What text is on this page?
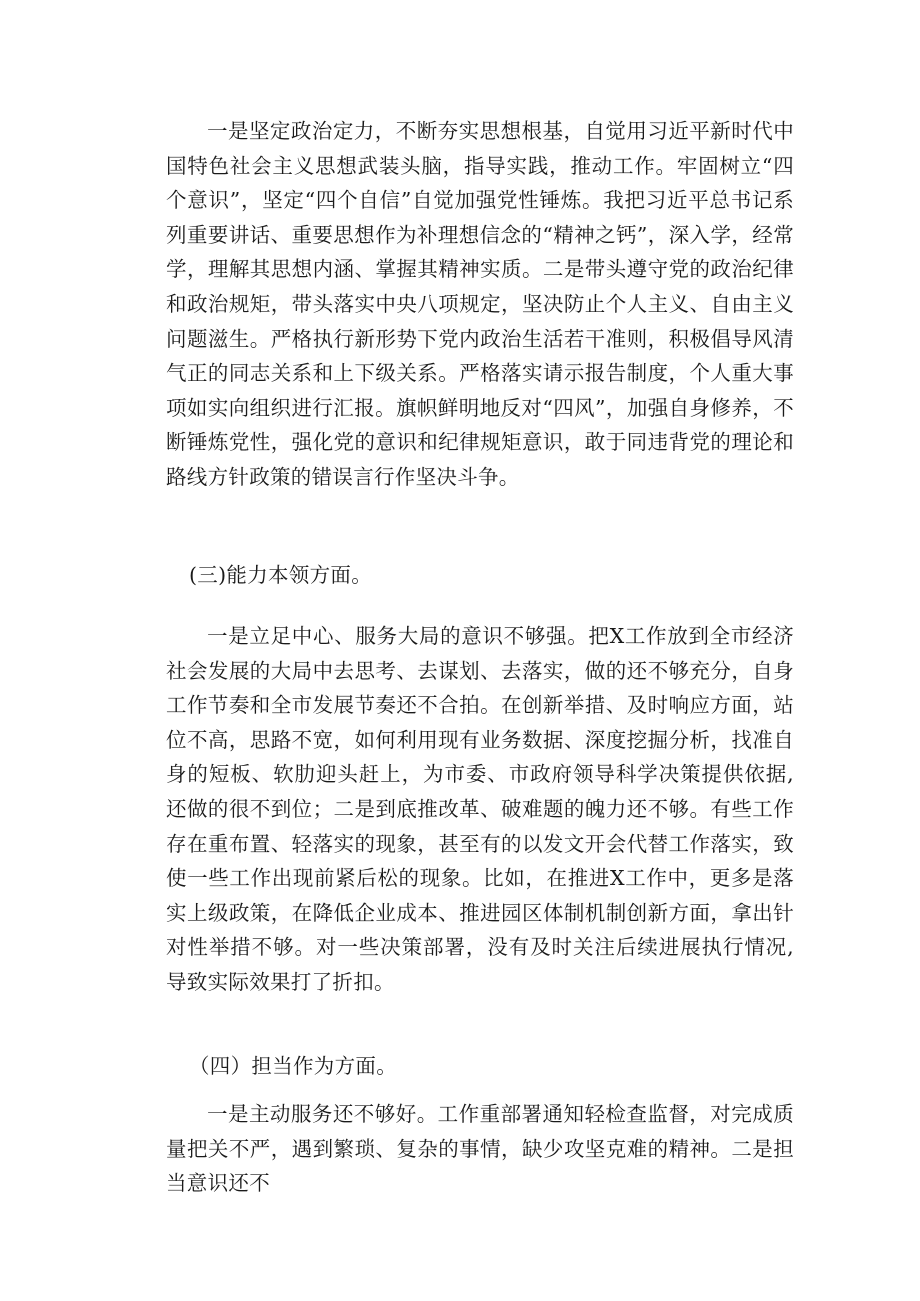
一是坚定政治定力，不断夯实思想根基，自觉用习近平新时代中国特色社会主义思想武装头脑，指导实践，推动工作。牢固树立“四个意识”，坚定“四个自信”自觉加强党性锤炼。我把习近平总书记系列重要讲话、重要思想作为补理想信念的“精神之钙”，深入学，经常学，理解其思想内涵、掌握其精神实质。二是带头遵守党的政治纪律和政治规矩，带头落实中央八项规定，坚决防止个人主义、自由主义问题滋生。严格执行新形势下党内政治生活若干准则，积极倡导风清气正的同志关系和上下级关系。严格落实请示报告制度，个人重大事项如实向组织进行汇报。旗帜鲜明地反对“四风”，加强自身修养，不断锤炼党性，强化党的意识和纪律规矩意识，敢于同违背党的理论和路线方针政策的错误言行作坚决斗争。

(三)能力本领方面。

一是立足中心、服务大局的意识不够强。把X工作放到全市经济社会发展的大局中去思考、去谋划、去落实，做的还不够充分，自身工作节奏和全市发展节奏还不合拍。在创新举措、及时响应方面，站位不高，思路不宽，如何利用现有业务数据、深度挖掘分析，找准自身的短板、软肋迎头赶上，为市委、市政府领导科学决策提供依据,还做的很不到位；二是到底推改革、破难题的魄力还不够。有些工作存在重布置、轻落实的现象，甚至有的以发文开会代替工作落实，致使一些工作出现前紧后松的现象。比如，在推进X工作中，更多是落实上级政策，在降低企业成本、推进园区体制机制创新方面，拿出针对性举措不够。对一些决策部署，没有及时关注后续进展执行情况,导致实际效果打了折扣。

（四）担当作为方面。

一是主动服务还不够好。工作重部署通知轻检查监督，对完成质量把关不严，遇到繁琐、复杂的事情，缺少攻坚克难的精神。二是担当意识还不
